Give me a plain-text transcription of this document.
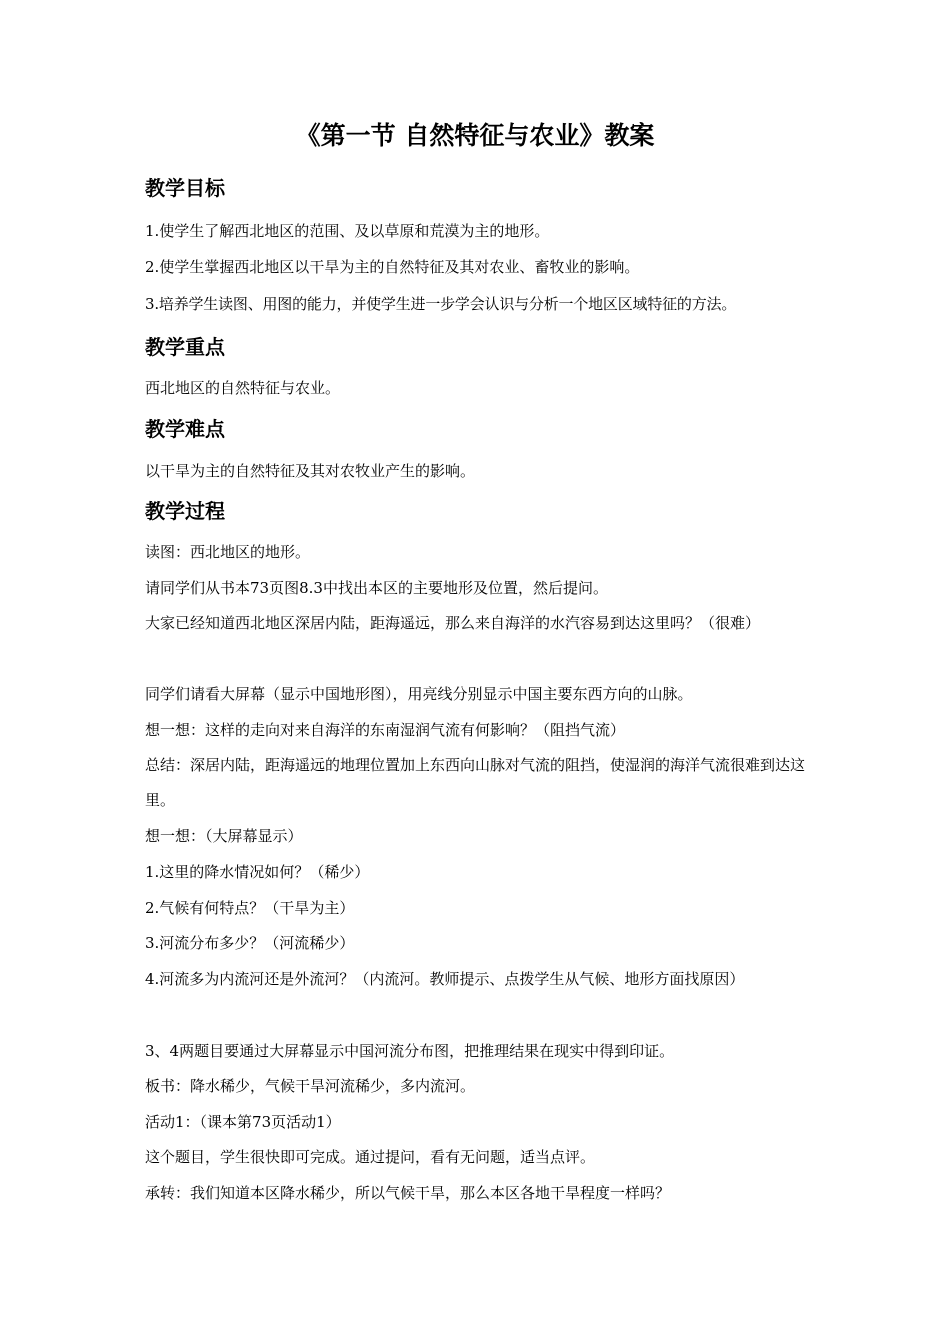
《第一节 自然特征与农业》教案
教学目标

1.使学生了解西北地区的范围、及以草原和荒漠为主的地形。

2.使学生掌握西北地区以干旱为主的自然特征及其对农业、畜牧业的影响。

3.培养学生读图、用图的能力，并使学生进一步学会认识与分析一个地区区域特征的方法。

教学重点

西北地区的自然特征与农业。

教学难点

以干旱为主的自然特征及其对农牧业产生的影响。

教学过程

读图：西北地区的地形。

请同学们从书本73页图8.3中找出本区的主要地形及位置，然后提问。

大家已经知道西北地区深居内陆，距海遥远，那么来自海洋的水汽容易到达这里吗？（很难）

同学们请看大屏幕（显示中国地形图），用亮线分别显示中国主要东西方向的山脉。

想一想：这样的走向对来自海洋的东南湿润气流有何影响？（阻挡气流）

总结：深居内陆，距海遥远的地理位置加上东西向山脉对气流的阻挡，使湿润的海洋气流很难到达这里。

想一想：（大屏幕显示）

1.这里的降水情况如何？（稀少）

2.气候有何特点？（干旱为主）

3.河流分布多少？（河流稀少）

4.河流多为内流河还是外流河？（内流河。教师提示、点拨学生从气候、地形方面找原因）

3、4两题目要通过大屏幕显示中国河流分布图，把推理结果在现实中得到印证。

板书：降水稀少，气候干旱河流稀少，多内流河。

活动1：（课本第73页活动1）

这个题目，学生很快即可完成。通过提问，看有无问题，适当点评。

承转：我们知道本区降水稀少，所以气候干旱，那么本区各地干旱程度一样吗？
